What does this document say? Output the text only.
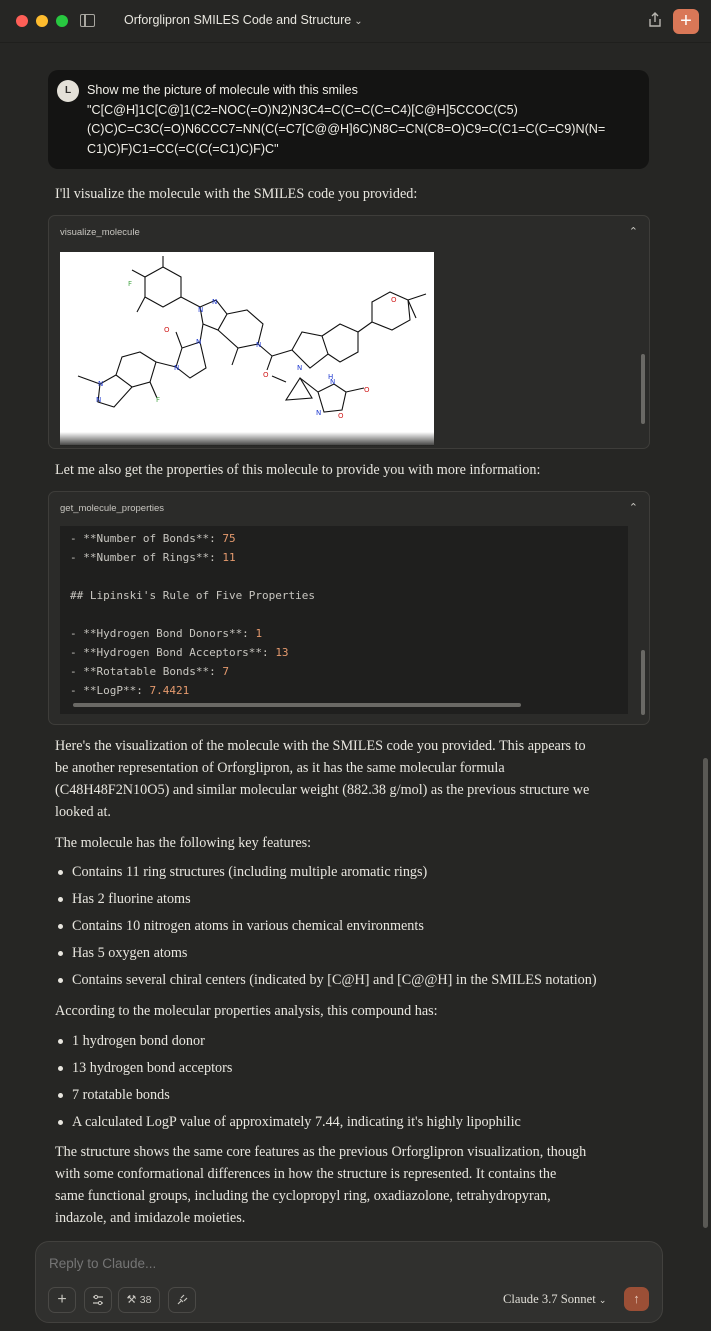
Orforglipron SMILES Code and Structure ⌄	+
L	Show me the picture of molecule with this smiles
"C[C@H]1C[C@]1(C2=NOC(=O)N2)N3C4=C(C=C(C=C4)[C@H]5CCOC(C5)
(C)C)C=C3C(=O)N6CCC7=NN(C(=C7[C@@H]6C)N8C=CN(C8=O)C9=C(C1=C(C=C9)N(N=
C1)C)F)C1=CC(=C(C(=C1)C)F)C"
I'll visualize the molecule with the SMILES code you provided:
visualize_molecule	⌃
N
N
N
N
N
N
N
N
N
H
N
O
O
O
O
O
F
F
Let me also get the properties of this molecule to provide you with more information:
get_molecule_properties	⌃
- **Number of Bonds**: 75
- **Number of Rings**: 11
## Lipinski's Rule of Five Properties
- **Hydrogen Bond Donors**: 1
- **Hydrogen Bond Acceptors**: 13
- **Rotatable Bonds**: 7
- **LogP**: 7.4421
Here's the visualization of the molecule with the SMILES code you provided. This appears to
be another representation of Orforglipron, as it has the same molecular formula
(C48H48F2N10O5) and similar molecular weight (882.38 g/mol) as the previous structure we
looked at.
The molecule has the following key features:
Contains 11 ring structures (including multiple aromatic rings)
Has 2 fluorine atoms
Contains 10 nitrogen atoms in various chemical environments
Has 5 oxygen atoms
Contains several chiral centers (indicated by [C@H] and [C@@H] in the SMILES notation)
According to the molecular properties analysis, this compound has:
1 hydrogen bond donor
13 hydrogen bond acceptors
7 rotatable bonds
A calculated LogP value of approximately 7.44, indicating it's highly lipophilic
The structure shows the same core features as the previous Orforglipron visualization, though
with some conformational differences in how the structure is represented. It contains the
same functional groups, including the cyclopropyl ring, oxadiazolone, tetrahydropyran,
indazole, and imidazole moieties.
Reply to Claude...
+	⚒ 38	Claude 3.7 Sonnet ⌄	↑
